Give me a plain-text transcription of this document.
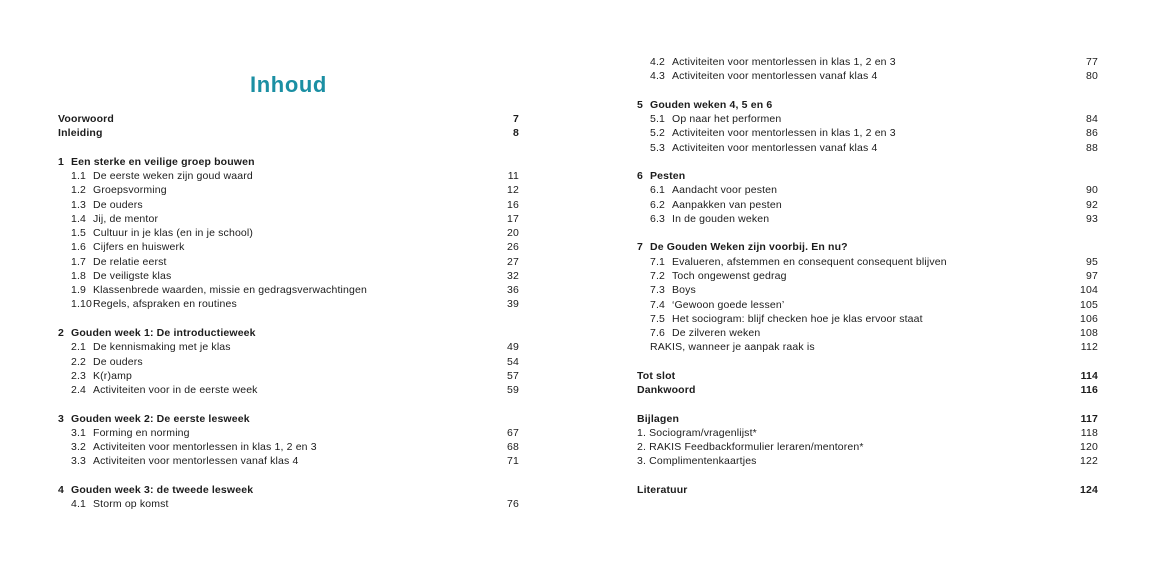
Inhoud
Voorwoord	7
Inleiding	8
1 Een sterke en veilige groep bouwen
1.1 De eerste weken zijn goud waard	11
1.2 Groepsvorming	12
1.3 De ouders	16
1.4 Jij, de mentor	17
1.5 Cultuur in je klas (en in je school)	20
1.6 Cijfers en huiswerk	26
1.7 De relatie eerst	27
1.8 De veiligste klas	32
1.9 Klassenbrede waarden, missie en gedragsverwachtingen	36
1.10 Regels, afspraken en routines	39
2 Gouden week 1: De introductieweek
2.1 De kennismaking met je klas	49
2.2 De ouders	54
2.3 K(r)amp	57
2.4 Activiteiten voor in de eerste week	59
3 Gouden week 2: De eerste lesweek
3.1 Forming en norming	67
3.2 Activiteiten voor mentorlessen in klas 1, 2 en 3	68
3.3 Activiteiten voor mentorlessen vanaf klas 4	71
4 Gouden week 3: de tweede lesweek
4.1 Storm op komst	76
4.2 Activiteiten voor mentorlessen in klas 1, 2 en 3	77
4.3 Activiteiten voor mentorlessen vanaf klas 4	80
5 Gouden weken 4, 5 en 6
5.1 Op naar het performen	84
5.2 Activiteiten voor mentorlessen in klas 1, 2 en 3	86
5.3 Activiteiten voor mentorlessen vanaf klas 4	88
6 Pesten
6.1 Aandacht voor pesten	90
6.2 Aanpakken van pesten	92
6.3 In de gouden weken	93
7 De Gouden Weken zijn voorbij. En nu?
7.1 Evalueren, afstemmen en consequent consequent blijven	95
7.2 Toch ongewenst gedrag	97
7.3 Boys	104
7.4 ‘Gewoon goede lessen’	105
7.5 Het sociogram: blijf checken hoe je klas ervoor staat	106
7.6 De zilveren weken	108
RAKIS, wanneer je aanpak raak is	112
Tot slot	114
Dankwoord	116
Bijlagen	117
1. Sociogram/vragenlijst*	118
2. RAKIS Feedbackformulier leraren/mentoren*	120
3. Complimentenkaartjes	122
Literatuur	124
